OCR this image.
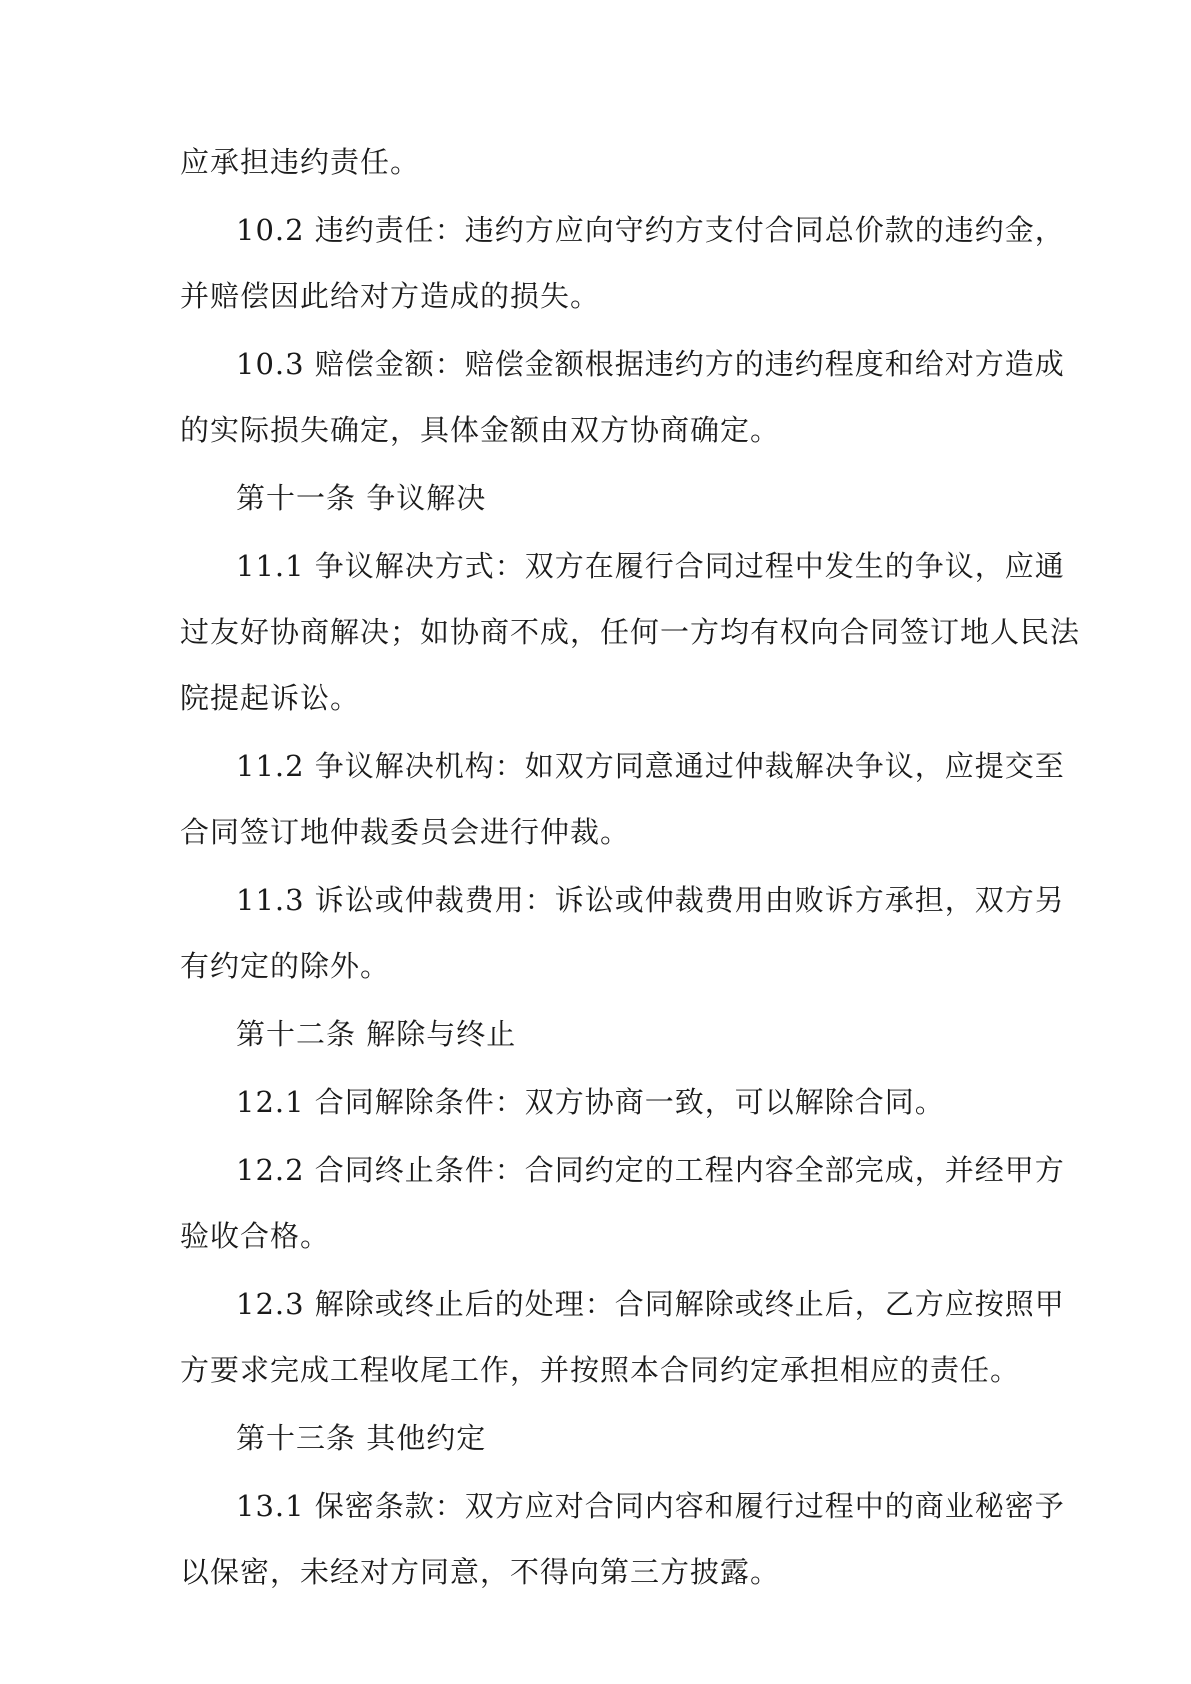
应承担违约责任。
10.2 违约责任：违约方应向守约方支付合同总价款的违约金，
并赔偿因此给对方造成的损失。
10.3 赔偿金额：赔偿金额根据违约方的违约程度和给对方造成
的实际损失确定，具体金额由双方协商确定。
第十一条 争议解决
11.1 争议解决方式：双方在履行合同过程中发生的争议，应通
过友好协商解决；如协商不成，任何一方均有权向合同签订地人民法
院提起诉讼。
11.2 争议解决机构：如双方同意通过仲裁解决争议，应提交至
合同签订地仲裁委员会进行仲裁。
11.3 诉讼或仲裁费用：诉讼或仲裁费用由败诉方承担，双方另
有约定的除外。
第十二条 解除与终止
12.1 合同解除条件：双方协商一致，可以解除合同。
12.2 合同终止条件：合同约定的工程内容全部完成，并经甲方
验收合格。
12.3 解除或终止后的处理：合同解除或终止后，乙方应按照甲
方要求完成工程收尾工作，并按照本合同约定承担相应的责任。
第十三条 其他约定
13.1 保密条款：双方应对合同内容和履行过程中的商业秘密予
以保密，未经对方同意，不得向第三方披露。
